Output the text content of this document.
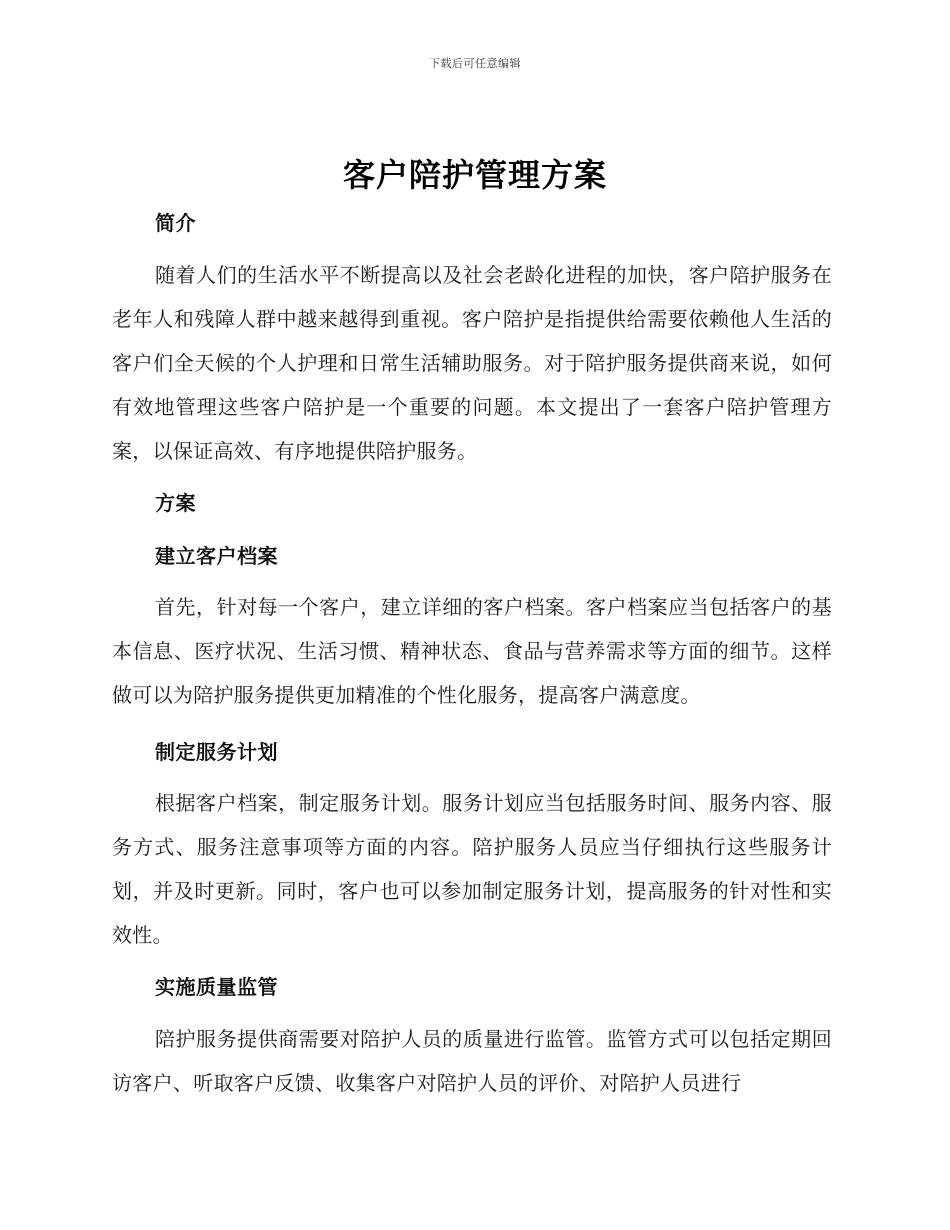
下载后可任意编辑
客户陪护管理方案
简介

随着人们的生活水平不断提高以及社会老龄化进程的加快，客户陪护服务在老年人和残障人群中越来越得到重视。客户陪护是指提供给需要依赖他人生活的客户们全天候的个人护理和日常生活辅助服务。对于陪护服务提供商来说，如何有效地管理这些客户陪护是一个重要的问题。本文提出了一套客户陪护管理方案，以保证高效、有序地提供陪护服务。

方案
建立客户档案

首先，针对每一个客户，建立详细的客户档案。客户档案应当包括客户的基本信息、医疗状况、生活习惯、精神状态、食品与营养需求等方面的细节。这样做可以为陪护服务提供更加精准的个性化服务，提高客户满意度。

制定服务计划

根据客户档案，制定服务计划。服务计划应当包括服务时间、服务内容、服务方式、服务注意事项等方面的内容。陪护服务人员应当仔细执行这些服务计划，并及时更新。同时，客户也可以参加制定服务计划，提高服务的针对性和实效性。

实施质量监管

陪护服务提供商需要对陪护人员的质量进行监管。监管方式可以包括定期回访客户、听取客户反馈、收集客户对陪护人员的评价、对陪护人员进行
